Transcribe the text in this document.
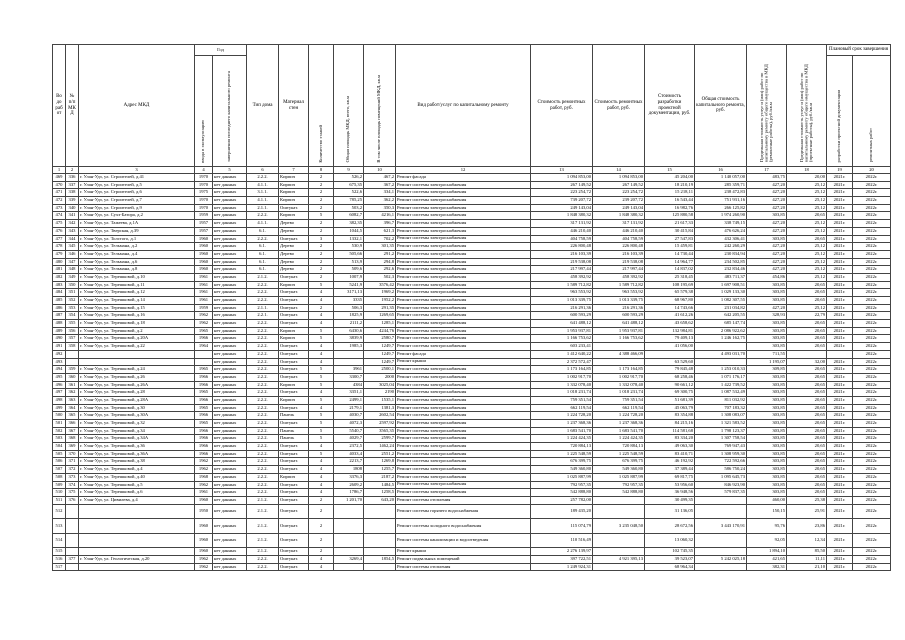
Во до раб от	№ п/п МК Д	Адрес МКД	Год		Тип дома	Материал стен	Количество этажей	Общая площадь МКД, всего, кв.м	В том числе площадь помещений МКД, кв.м	Вид работ/услуг по капитальному ремонту	Стоимость ремонтных работ, руб.	Стоимость ремонтных работ, руб.	Стоимость разработки проектной документации, руб.	Общая стоимость капитального ремонта, руб.	Предельная стоимость услуг и (или) работ по капитальному ремонту общего имущества в МКД (ремонтные работы), руб./кв.м	Предельная стоимость услуг и (или) работ по капитальному ремонту общего имущества в МКД (проектные работы), руб./кв.м	Плановый срок завершения	
			ввода в эксплуатацию	завершения последнего капитального ремонта													разработки проектной документации	ремонтных работ

1	2	3	4	5	6	7	8	9	10	12	13	14	15	16	17	18	19	20
469	336	г. Улан-Удэ, ул. Строителей, д.41	1970	нет данных	2.2.2.	Кирпич	2	526,2	467,2	Ремонт фасада	1 094 853,00	1 094 853,00	45 204,00	1 140 057,00	483,75	20,00	2021г.	2022г.
470	337	г. Улан-Удэ, ул. Строителей, д.5	1970	нет данных	4.1.1.	Кирпич	2	675,35	367,2	Ремонт системы электроснабжения	267 149,52	267 149,52	18 210,19	285 359,71	427,20	25,12	2021г.	2022г.
471	338	г. Улан-Удэ, ул. Строителей, д.6	1975	нет данных	3.1.1.	Кирпич	2	522,6	334,1	Ремонт системы электроснабжения	223 254,72	223 254,72	15 218,11	238 472,83	427,20	25,12	2021г.	2022г.
472	339	г. Улан-Удэ, ул. Строителей, д.7	1970	нет данных	4.1.1.	Кирпич	2	785,25	362,2	Ремонт системы электроснабжения	739 207,72	239 207,72	16 543,44	751 931,16	427,20	25,12	2021г.	2022г.
473	340	г. Улан-Удэ, ул. Строителей, д.9	1970	нет данных	2.1.1.	Оштукат.	2	503,2	350,3	Ремонт системы электроснабжения	249 143,04	249 143,04	16 982,76	266 125,82	427,20	25,12	2021г.	2022г.
474	341	г. Улан-Удэ, ул. Сухэ-Батора, д.2	1959	нет данных	2.2.2.	Кирпич	5	6082,7	4216,1	Ремонт системы электроснабжения	1 848 380,32	1 848 380,32	125 880,58	1 974 260,90	303,85	20,65	2021г.	2022г.
475	342	г. Улан-Удэ, ул. Тажеева, д.1А	1957	нет данных	4.1.1.	Дерево	2	382,35	396,7	Ремонт системы электроснабжения	317 131,92	317 131,92	21 617,33	338 749,15	427,20	25,12	2021г.	2022г.
476	343	г. Улан-Удэ, ул. Тверская, д.39	1957	нет данных	6.1.	Дерево	2	1044,5	621,3	Ремонт системы электроснабжения	446 210,40	446 210,40	30 415,84	476 626,24	427,20	25,12	2021г.	2022г.
477	344	г. Улан-Удэ, ул. Толстого, д.1	1960	нет данных	2.2.2.	Оштукат.	3	1332,1	702,2	Ремонт системы электроснабжения	404 758,59	404 758,59	27 547,83	432 306,41	303,85	20,65	2021г.	2022г.
478	345	г. Улан-Удэ, ул. Тельмана, д.2	1960	нет данных	6.1.	Дерево	2	530,9	301,35	Ремонт системы электроснабжения	226 800,48	226 800,48	15 459,81	242 260,29	427,20	25,12	2021г.	2022г.
479	346	г. Улан-Удэ, ул. Тельмана, д.4	1960	нет данных	6.1.	Дерево	2	505,66	291,2	Ремонт системы электроснабжения	216 103,39	216 103,39	14 730,44	230 834,94	427,20	25,12	2021г.	2022г.
480	347	г. Улан-Удэ, ул. Тельмана, д.6	1960	нет данных	6.1.	Дерево	2	513,9	294,8	Ремонт системы электроснабжения	219 538,08	219 538,08	14 964,77	234 502,85	427,20	25,12	2021г.	2022г.
481	348	г. Улан-Удэ, ул. Тельмана, д.8	1960	нет данных	6.1.	Дерево	2	509,6	292,6	Ремонт системы электроснабжения	217 997,44	217 997,44	14 837,02	232 834,46	427,20	25,12	2021г.	2022г.
482	349	г. Улан-Удэ, ул. Терешковой, д.10	1961	нет данных	2.1.2.	Оштукат.	2	1007,9	502,3	Ремонт системы электроснабжения	458 392,92	458 392,92	25 318,45	483 711,37	454,86	25,12	2021г.	2022г.
483	350	г. Улан-Удэ, ул. Терешковой, д.11	1961	нет данных	2.2.2.	Кирпич	5	5241,9	3576,42	Ремонт системы электроснабжения	1 589 712,82	1 589 712,82	108 195,69	1 697 908,51	303,85	20,65	2021г.	2022г.
484	351	г. Улан-Удэ, ул. Терешковой, д.12	1961	нет данных	2.2.2.	Оштукат.	4	3171,13	1969,2	Ремонт системы электроснабжения	963 553,92	963 553,92	65 579,38	1 029 133,30	303,85	20,65	2021г.	2022г.
485	352	г. Улан-Удэ, ул. Терешковой, д.14	1961	нет данных	2.2.2.	Оштукат.	4	3335	1952,2	Ремонт системы электроснабжения	1 013 339,75	1 013 339,75	68 967,80	1 082 307,55	303,85	20,65	2021г.	2022г.
486	353	г. Улан-Удэ, ул. Терешковой, д.15	1959	нет данных	2.1.1.	Оштукат.	2	506,3	291,35	Ремонт системы электроснабжения	216 291,36	216 291,36	14 743,66	231 034,82	427,20	25,12	2021г.	2022г.
487	354	г. Улан-Удэ, ул. Терешковой, д.16	1962	нет данных	2.2.1.	Оштукат.	4	1825,9	1269,65	Ремонт системы электроснабжения	600 593,29	600 593,29	41 612,26	642 205,55	328,93	22,79	2021г.	2022г.
488	355	г. Улан-Удэ, ул. Терешковой, д.18	1962	нет данных	2.2.2.	Оштукат.	4	2111,2	1285,1	Ремонт системы электроснабжения	641 488,12	641 488,12	43 658,62	685 147,74	303,85	20,65	2021г.	2022г.
489	356	г. Улан-Удэ, ул. Терешковой, д.2	1965	нет данных	2.2.2.	Кирпич	5	6430,6	4244,76	Ремонт системы электроснабжения	1 953 937,81	1 953 937,81	132 984,81	2 086 922,62	303,85	20,65	2021г.	2022г.
490	357	г. Улан-Удэ, ул. Терешковой, д.20А	1966	нет данных	2.2.2.	Кирпич	5	3839,9	2580,7	Ремонт системы электроснабжения	1 166 753,62	1 166 753,62	79 409,13	1 246 162,75	303,85	20,65	2021г.	2022г.
491	358	г. Улан-Удэ, ул. Терешковой, д.22	1964	нет данных	2.2.2.	Оштукат.	4	1985,3	1249,7	Ремонт системы электроснабжения	603 233,41		41 056,00		303,85	20,65	2021г.	2022г.
492				нет данных	2.2.2.	Оштукат.	4		1249,7	Ремонт фасада	1 412 640,22	4 388 466,09		4 493 031,70	711,55			2022г.
493				нет данных	2.2.2.	Оштукат.	4		1249,7	Ремонт крыши	2 372 572,47		63 529,60		1 195,07	32,00	2021г.	2022г.
494	359	г. Улан-Удэ, ул. Терешковой, д.24	1965	нет данных	2.2.2.	Оштукат.	5	3961	2500,1	Ремонт системы электроснабжения	1 173 164,85	1 173 164,85	79 845,48	1 253 010,33	309,85	20,65	2021г.	2022г.
495	360	г. Улан-Удэ, ул. Терешковой, д.26	1966	нет данных	2.2.2.	Оштукат.	5	3300,7	2000	Ремонт системы электроснабжения	1 002 917,70	1 002 917,70	68 258,46	1 071 176,17	303,85	20,65	2021г.	2022г.
496	361	г. Улан-Удэ, ул. Терешковой, д.26А	1966	нет данных	2.2.2.	Кирпич	5	4384	3025,04	Ремонт системы электроснабжения	1 332 078,40	1 332 078,40	90 661,12	1 422 739,52	303,85	20,65	2021г.	2022г.
497	362	г. Улан-Удэ, ул. Терешковой, д.28	1965	нет данных	2.2.2.	Оштукат.	4	3351,1	2190	Ремонт системы электроснабжения	1 018 231,74	1 018 231,74	69 300,75	1 087 532,49	303,85	20,65	2021г.	2022г.
498	363	г. Улан-Удэ, ул. Терешковой, д.28А	1966	нет данных	2.2.2.	Кирпич	5	2499,1	1535,1	Ремонт системы электроснабжения	759 351,54	759 351,54	51 681,39	811 032,92	303,85	20,65	2021г.	2022г.
499	364	г. Улан-Удэ, ул. Терешковой, д.30	1965	нет данных	2.2.2.	Оштукат.	4	2179,1	1381,3	Ремонт системы электроснабжения	662 119,54	662 119,54	45 063,79	707 183,32	303,85	20,65	2021г.	2022г.
500	365	г. Улан-Удэ, ул. Терешковой, д.30А	1966	нет данных	2.2.2.	Панель	5	4030,7	2602,54	Ремонт системы электроснабжения	1 224 728,20	1 224 728,20	83 354,88	1 308 083,07	303,85	20,65	2021г.	2022г.
501	366	г. Улан-Удэ, ул. Терешковой, д.32	1965	нет данных	2.2.2.	Оштукат.	5	4072,3	2597,92	Ремонт системы электроснабжения	1 237 368,36	1 237 368,36	84 215,16	1 321 583,52	303,85	20,65	2021г.	2022г.
502	367	г. Улан-Удэ, ул. Терешковой, д.34	1966	нет данных	2.2.2.	Панель	5	5540,7	3565,35	Ремонт системы электроснабжения	1 683 541,70	1 683 541,70	114 581,68	1 798 123,37	303,85	20,65	2021г.	2022г.
503	368	г. Улан-Удэ, ул. Терешковой, д.34А	1966	нет данных	2.2.2.	Панель	5	4029,7	2599,7	Ремонт системы электроснабжения	1 224 424,35	1 224 424,35	83 334,20	1 307 758,54	303,85	20,65	2021г.	2022г.
504	369	г. Улан-Удэ, ул. Терешковой, д.36	1966	нет данных	2.2.2.	Оштукат.	4	2372,5	1462,24	Ремонт системы электроснабжения	720 884,13	720 884,13	49 063,30	769 947,43	303,85	20,65	2021г.	2022г.
505	370	г. Улан-Удэ, ул. Терешковой, д.36А	1966	нет данных	2.2.2.	Оштукат.	5	4033,4	2551,2	Ремонт системы электроснабжения	1 225 548,59	1 225 548,59	83 410,71	1 308 959,30	303,85	20,65	2021г.	2022г.
506	371	г. Улан-Удэ, ул. Терешковой, д.38	1962	нет данных	2.2.2.	Оштукат.	4	2213,7	1269,8	Ремонт системы электроснабжения	676 399,75	676 399,75	46 192,92	722 592,66	303,85	20,65	2021г.	2022г.
507	372	г. Улан-Удэ, ул. Терешковой, д.4	1962	нет данных	2.2.2.	Оштукат.	4	1808	1255,7	Ремонт системы электроснабжения	549 360,80	549 360,80	37 389,44	586 750,24	303,85	20,65	2021г.	2022г.
508	373	г. Улан-Удэ, ул. Терешковой, д.40	1968	нет данных	2.2.2.	Кирпич	4	3376,3	2187,2	Ремонт системы электроснабжения	1 025 887,99	1 025 887,99	69 817,75	1 095 645,73	303,85	20,65	2021г.	2022г.
509	374	г. Улан-Удэ, ул. Терешковой, д.5	1962	нет данных	2.2.2.	Оштукат.	4	2609,2	1484,5	Ремонт системы электроснабжения	792 957,35	792 957,35	53 956,60	846 923,90	303,85	20,65	2021г.	2022г.
510	375	г. Улан-Удэ, ул. Терешковой, д.6	1961	нет данных	2.2.2.	Оштукат.	4	1786,7	1258,5	Ремонт системы электроснабжения	542 888,80	542 888,80	36 948,56	579 837,35	303,85	20,65	2021г.	2022г.
511	376	г. Улан-Удэ, ул. Цивилева, д.4	1960	нет данных	2.1.2.	Оштукат.	2	1 201,70	643,20	Ремонт системы отопления	257 782,00		30 499,35		460,00	25,38	2021г.	2022г.
512			1950	нет данных	2.1.2.	Оштукат.	2			Ремонт системы горячего водоснабжения	189 435,20		31 136,05		150,15	25,91	2021г.	2022г.
513			1960	нет данных	2.1.2.	Оштукат.	2			Ремонт системы холодного водоснабжения	115 074,79	3 235 048,50	28 672,56	3 443 170,91	95,76	23,86	2021г.	2022г.
514			1960	нет данных	2.1.2.	Оштукат.	2			Ремонт системы канализации и водоотведения	110 516,49		13 060,32		92,05	12,34	2021г.	2022г.
515			1960	нет данных	2.1.2.	Оштукат.	2			Ремонт крыши	2 276 139,97		102 745,35		1 894,10	85,50	2021г.	2022г.
516	377	г. Улан-Удэ, ул. Геологическая, д.20	1962	нет данных	2.2.2.	Оштукат.	4	3269,4	1854,5	Ремонт подвальных помещений	397 722,51	4 921 395,13	39 523,07	5 242 025,18	421,65	11,11	2021г.	2022г.
517			1962	нет данных	2.2.2.	Оштукат.	4			Ремонт системы отопления	1 249 924,31		68 964,34		382,31	21,10	2021г.	2022г.
